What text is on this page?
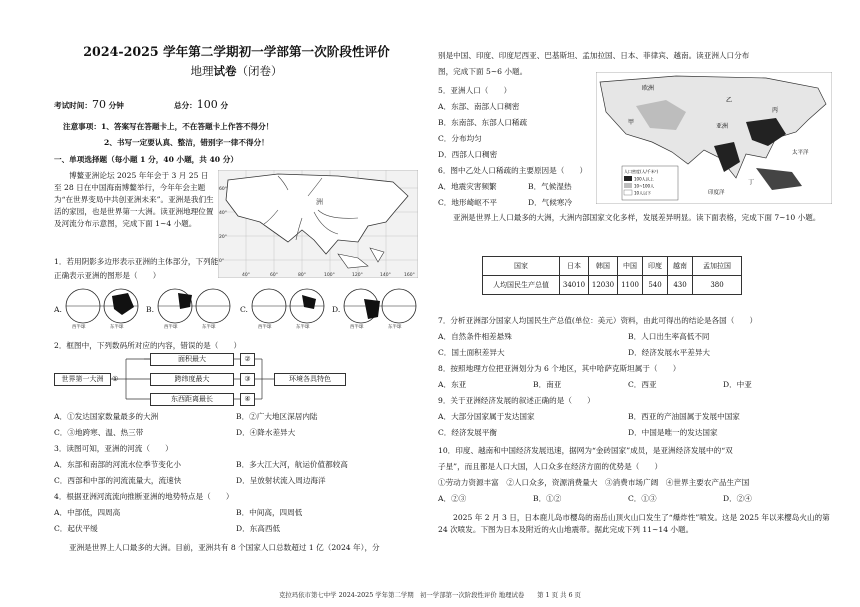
2024-2025 学年第二学期初一学部第一次阶段性评价
地理试卷（闭卷）
考试时间：70 分钟	总分：100 分
注意事项：1、答案写在答题卡上，不在答题卡上作答不得分！
2、书写一定要认真、整洁，错别字一律不得分！
一、单项选择题（每小题 1 分，40 小题，共 40 分）
博鳌亚洲论坛 2025 年年会于 3 月 25 日至 28 日在中国海南博鳌举行，今年年会主题为“在世界变局中共创亚洲未来”。亚洲是我们生活的家园，也是世界第一大洲。读亚洲地理位置及河流分布示意图，完成下面 1~4 小题。
洲
60°
40°
20°
0°
40°	60°	80°	100°	120°	140°	160°
1．若用阴影多边形表示亚洲的主体部分，下列能
正确表示亚洲的图形是（　　）
A.
西半球	东半球
B.
西半球	东半球
C.
西半球	东半球
D.
西半球	东半球
2．框图中，下列数码所对应的内容，错误的是（　　）
世界第一大洲	①
面积最大
跨纬度最大
东西距离最长
②
③
④
环境各具特色
A．①发达国家数量最多的大洲	B．②广大地区深居内陆
C．③地跨寒、温、热三带	D．④降水差异大
3．读图可知，亚洲的河流（　　）
A．东部和南部的河流水位季节变化小	B．多大江大河，航运价值都较高
C．西部和中部的河流流量大，流速快	D．呈放射状流入周边海洋
4．根据亚洲河流流向推断亚洲的地势特点是（　　）
A．中部低，四周高	B．中间高，四周低
C．起伏平缓	D．东高西低
亚洲是世界上人口最多的大洲。目前，亚洲共有 8 个国家人口总数超过 1 亿（2024 年），分
别是中国、印度、印度尼西亚、巴基斯坦、孟加拉国、日本、菲律宾、越南。读亚洲人口分布
图，完成下面 5~6 小题。
欧洲
甲
乙
亚洲
丙
太平洋
印度洋
丁
人口密度(人/千米²)
100人以上
10~100人
10人以下
5．亚洲人口（　　）
A．东部、南部人口稠密
B．东南部、东部人口稀疏
C．分布均匀
D．西部人口稠密
6．图中乙处人口稀疏的主要原因是（　　）
A．地震灾害频繁	B．气候湿热
C．地形崎岖不平	D．气候寒冷
亚洲是世界上人口最多的大洲，大洲内部国家文化多样，发展差异明显。读下面表格，完成下面 7~10 小题。
国家	日本	韩国	中国	印度	越南	孟加拉国
人均国民生产总值	34010	12030	1100	540	430	380
7．分析亚洲部分国家人均国民生产总值(单位：美元）资料，由此可得出的结论是各国（　　）
A．自然条件相差悬殊	B．人口出生率高低不同
C．国土面积差异大	D．经济发展水平差异大
8．按照地理方位把亚洲划分为 6 个地区，其中哈萨克斯坦属于（　　）
A．东亚	B．南亚	C．西亚	D．中亚
9．关于亚洲经济发展的叙述正确的是（　　）
A．大部分国家属于发达国家	B．西亚的产油国属于发展中国家
C．经济发展平衡	D．中国是唯一的发达国家
10．印度、越南和中国经济发展迅速，据网为“金砖国家”成员，是亚洲经济发展中的“双
子星”，而且都是人口大国，人口众多在经济方面的优势是（　　）
①劳动力资源丰富　②人口众多，资源消费量大　③消费市场广阔　④世界主要农产品生产国
A．②③	B．①②	C．①③	D．②④
2025 年 2 月 3 日，日本鹿儿岛市樱岛的南岳山顶火山口发生了“爆炸性”喷发。这是 2025 年以来樱岛火山的第 24 次喷发。下图为日本及附近的火山地震带。据此完成下列 11~14 小题。
克拉玛依市第七中学 2024-2025 学年第二学期　初一学部第一次阶段性评价 地理试卷　　第 1 页 共 6 页
